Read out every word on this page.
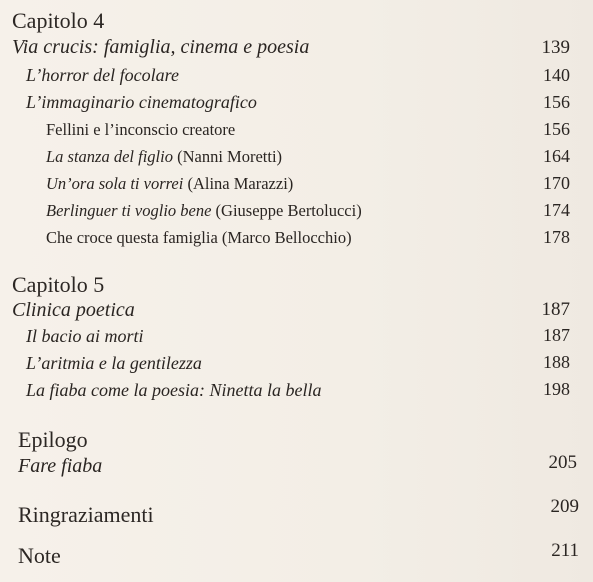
Capitolo 4
Via crucis: famiglia, cinema e poesia	139
L’horror del focolare	140
L’immaginario cinematografico	156
Fellini e l’inconscio creatore	156
La stanza del figlio (Nanni Moretti)	164
Un’ora sola ti vorrei (Alina Marazzi)	170
Berlinguer ti voglio bene (Giuseppe Bertolucci)	174
Che croce questa famiglia (Marco Bellocchio)	178
Capitolo 5
Clinica poetica	187
Il bacio ai morti	187
L’aritmia e la gentilezza	188
La fiaba come la poesia: Ninetta la bella	198
Epilogo
Fare fiaba	205
Ringraziamenti	209
Note	211
